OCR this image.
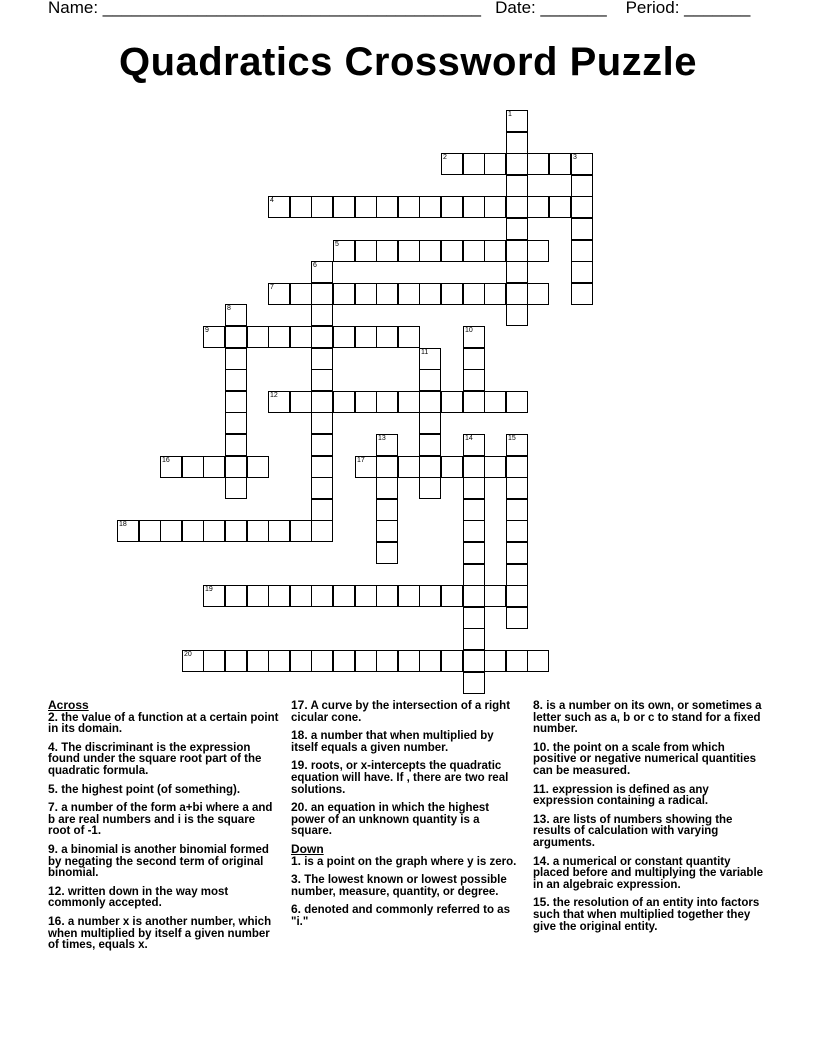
Name: ________________________________________   Date: _______    Period: _______
Quadratics Crossword Puzzle
1
2	3
4
5
6
7
8
9	10
11
12
13	14	15
16	17
18
19
20
Across
2. the value of a function at a certain point in its domain.
4. The discriminant is the expression found under the square root part of the quadratic formula.
5. the highest point (of something).
7. a number of the form a+bi where a and b are real numbers and i is the square root of -1.
9. a binomial is another binomial formed by negating the second term of original binomial.
12. written down in the way most commonly accepted.
16. a number x is another number, which when multiplied by itself a given number of times, equals x.
17. A curve by the intersection of a right cicular cone.
18. a number that when multiplied by itself equals a given number.
19. roots, or x-intercepts the quadratic equation will have. If , there are two real solutions.
20. an equation in which the highest power of an unknown quantity is a square.
Down
1. is a point on the graph where y is zero.
3. The lowest known or lowest possible number, measure, quantity, or degree.
6. denoted and commonly referred to as "i."
8. is a number on its own, or sometimes a letter such as a, b or c to stand for a fixed number.
10. the point on a scale from which positive or negative numerical quantities can be measured.
11. expression is defined as any expression containing a radical.
13. are lists of numbers showing the results of calculation with varying arguments.
14. a numerical or constant quantity placed before and multiplying the variable in an algebraic expression.
15. the resolution of an entity into factors such that when multiplied together they give the original entity.
